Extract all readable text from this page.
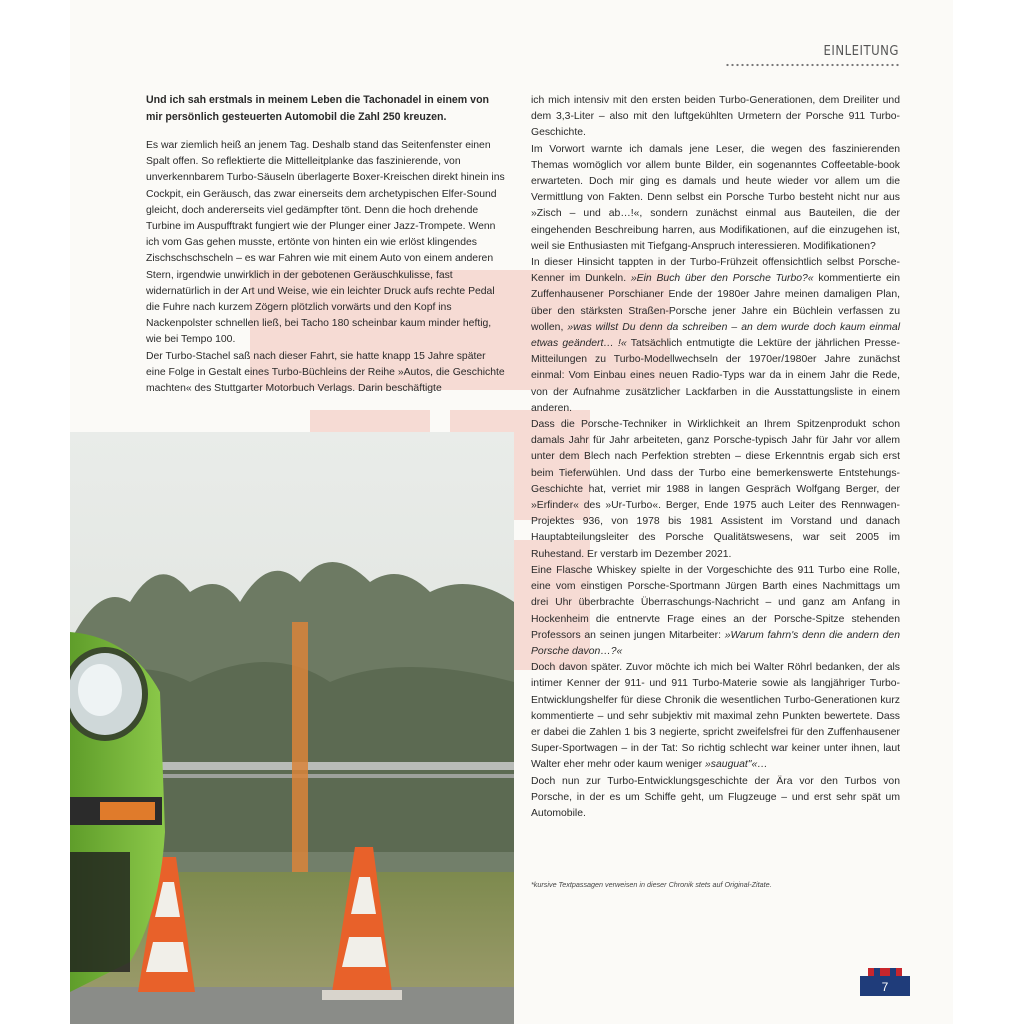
EINLEITUNG

Und ich sah erstmals in meinem Leben die Tachonadel in einem von mir persönlich gesteuerten Automobil die Zahl 250 kreuzen.

Es war ziemlich heiß an jenem Tag. Deshalb stand das Seitenfenster einen Spalt offen. So reflektierte die Mittelleitplanke das faszinierende, von unverkennbarem Turbo-Säuseln überlagerte Boxer-Kreischen direkt hinein ins Cockpit, ein Geräusch, das zwar einerseits dem archetypischen Elfer-Sound gleicht, doch andererseits viel gedämpfter tönt. Denn die hoch drehende Turbine im Auspufftrakt fungiert wie der Plunger einer Jazz-Trompete. Wenn ich vom Gas gehen musste, ertönte von hinten ein wie erlöst klingendes Zischschschscheln – es war Fahren wie mit einem Auto von einem anderen Stern, irgendwie unwirklich in der gebotenen Geräuschkulisse, fast widernatürlich in der Art und Weise, wie ein leichter Druck aufs rechte Pedal die Fuhre nach kurzem Zögern plötzlich vorwärts und den Kopf ins Nackenpolster schnellen ließ, bei Tacho 180 scheinbar kaum minder heftig, wie bei Tempo 100.

Der Turbo-Stachel saß nach dieser Fahrt, sie hatte knapp 15 Jahre später eine Folge in Gestalt eines Turbo-Büchleins der Reihe »Autos, die Geschichte machten« des Stuttgarter Motorbuch Verlags. Darin beschäftigte

ich mich intensiv mit den ersten beiden Turbo-Generationen, dem Dreiliter und dem 3,3-Liter – also mit den luftgekühlten Urmetern der Porsche 911 Turbo-Geschichte.

Im Vorwort warnte ich damals jene Leser, die wegen des faszinierenden Themas womöglich vor allem bunte Bilder, ein sogenanntes Coffeetable-book erwarteten. Doch mir ging es damals und heute wieder vor allem um die Vermittlung von Fakten. Denn selbst ein Porsche Turbo besteht nicht nur aus »Zisch – und ab…!«, sondern zunächst einmal aus Bauteilen, die der eingehenden Beschreibung harren, aus Modifikationen, auf die einzugehen ist, weil sie Enthusiasten mit Tiefgang-Anspruch interessieren. Modifikationen?

In dieser Hinsicht tappten in der Turbo-Frühzeit offensichtlich selbst Porsche-Kenner im Dunkeln. »Ein Buch über den Porsche Turbo?« kommentierte ein Zuffenhausener Porschianer Ende der 1980er Jahre meinen damaligen Plan, über den stärksten Straßen-Porsche jener Jahre ein Büchlein verfassen zu wollen, »was willst Du denn da schreiben – an dem wurde doch kaum einmal etwas geändert… !« Tatsächlich entmutigte die Lektüre der jährlichen Presse-Mitteilungen zu Turbo-Modellwechseln der 1970er/1980er Jahre zunächst einmal: Vom Einbau eines neuen Radio-Typs war da in einem Jahr die Rede, von der Aufnahme zusätzlicher Lackfarben in die Ausstattungsliste in einem anderen.

Dass die Porsche-Techniker in Wirklichkeit an Ihrem Spitzenprodukt schon damals Jahr für Jahr arbeiteten, ganz Porsche-typisch Jahr für Jahr vor allem unter dem Blech nach Perfektion strebten – diese Erkenntnis ergab sich erst beim Tieferwühlen. Und dass der Turbo eine bemerkenswerte Entstehungs-Geschichte hat, verriet mir 1988 in langen Gespräch Wolfgang Berger, der »Erfinder« des »Ur-Turbo«. Berger, Ende 1975 auch Leiter des Rennwagen-Projektes 936, von 1978 bis 1981 Assistent im Vorstand und danach Hauptabteilungsleiter des Porsche Qualitätswesens, war seit 2005 im Ruhestand. Er verstarb im Dezember 2021.

Eine Flasche Whiskey spielte in der Vorgeschichte des 911 Turbo eine Rolle, eine vom einstigen Porsche-Sportmann Jürgen Barth eines Nachmittags um drei Uhr überbrachte Überraschungs-Nachricht – und ganz am Anfang in Hockenheim die entnervte Frage eines an der Porsche-Spitze stehenden Professors an seinen jungen Mitarbeiter: »Warum fahrn's denn die andern den Porsche davon…?«

Doch davon später. Zuvor möchte ich mich bei Walter Röhrl bedanken, der als intimer Kenner der 911- und 911 Turbo-Materie sowie als langjähriger Turbo-Entwicklungshelfer für diese Chronik die wesentlichen Turbo-Generationen kurz kommentierte – und sehr subjektiv mit maximal zehn Punkten bewertete. Dass er dabei die Zahlen 1 bis 3 negierte, spricht zweifelsfrei für den Zuffenhausener Super-Sportwagen – in der Tat: So richtig schlecht war keiner unter ihnen, laut Walter eher mehr oder kaum weniger »sauguat"«…

Doch nun zur Turbo-Entwicklungsgeschichte der Ära vor den Turbos von Porsche, in der es um Schiffe geht, um Flugzeuge – und erst sehr spät um Automobile.

*kursive Textpassagen verweisen in dieser Chronik stets auf Original-Zitate.
7
